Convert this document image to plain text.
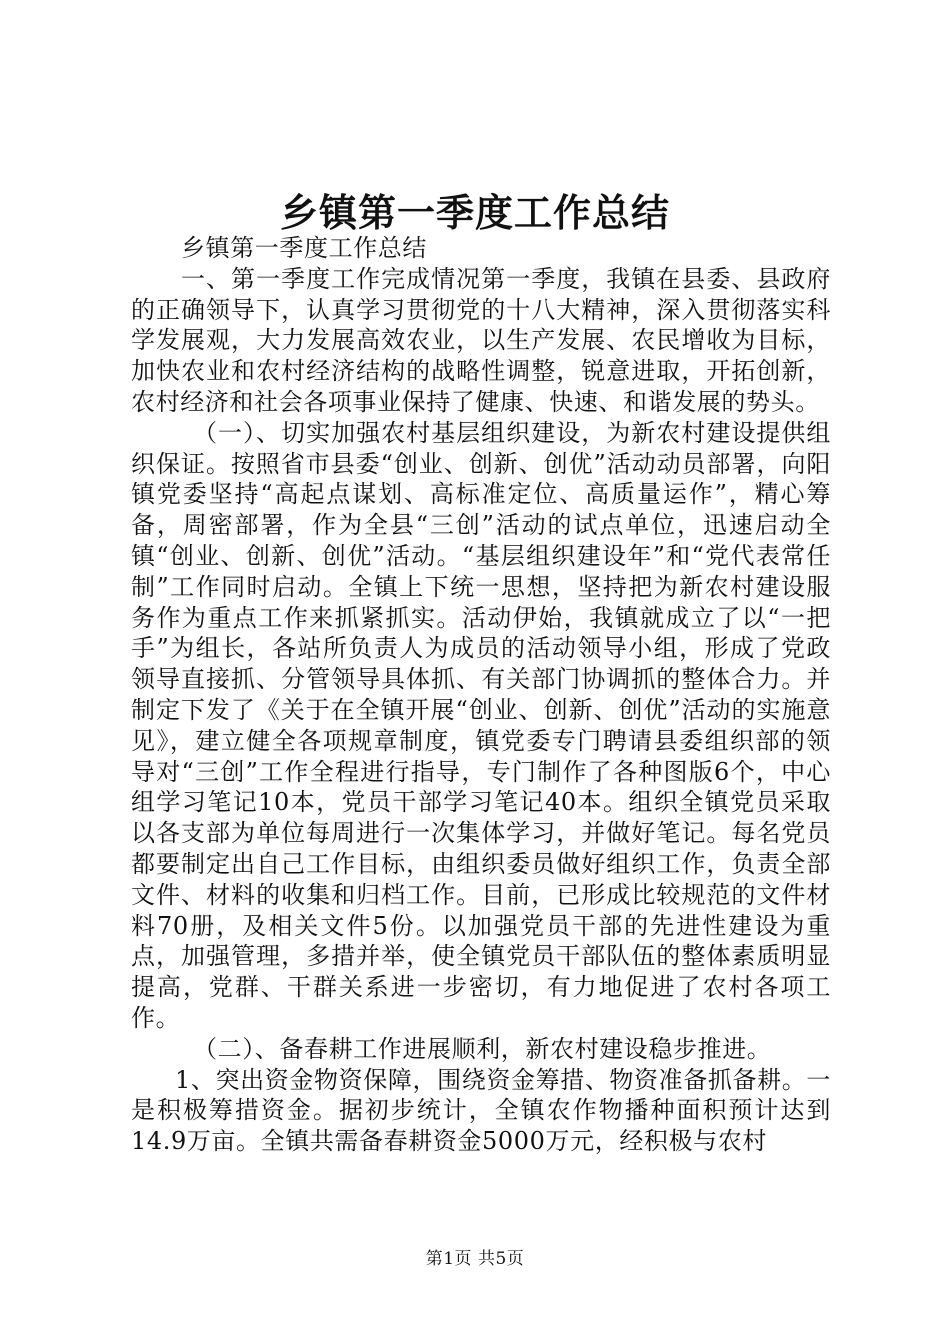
乡镇第一季度工作总结

乡镇第一季度工作总结

一、第一季度工作完成情况第一季度，我镇在县委、县政府的正确领导下，认真学习贯彻党的十八大精神，深入贯彻落实科学发展观，大力发展高效农业，以生产发展、农民增收为目标，加快农业和农村经济结构的战略性调整，锐意进取，开拓创新，农村经济和社会各项事业保持了健康、快速、和谐发展的势头。

（一）、切实加强农村基层组织建设，为新农村建设提供组织保证。按照省市县委“创业、创新、创优”活动动员部署，向阳镇党委坚持“高起点谋划、高标准定位、高质量运作”，精心筹备，周密部署，作为全县“三创”活动的试点单位，迅速启动全镇“创业、创新、创优”活动。“基层组织建设年”和“党代表常任制”工作同时启动。全镇上下统一思想，坚持把为新农村建设服务作为重点工作来抓紧抓实。活动伊始，我镇就成立了以“一把手”为组长，各站所负责人为成员的活动领导小组，形成了党政领导直接抓、分管领导具体抓、有关部门协调抓的整体合力。并制定下发了《关于在全镇开展“创业、创新、创优”活动的实施意见》，建立健全各项规章制度，镇党委专门聘请县委组织部的领导对“三创”工作全程进行指导，专门制作了各种图版6个，中心组学习笔记10本，党员干部学习笔记40本。组织全镇党员采取以各支部为单位每周进行一次集体学习，并做好笔记。每名党员都要制定出自己工作目标，由组织委员做好组织工作，负责全部文件、材料的收集和归档工作。目前，已形成比较规范的文件材料70册，及相关文件5份。以加强党员干部的先进性建设为重点，加强管理，多措并举，使全镇党员干部队伍的整体素质明显提高，党群、干群关系进一步密切，有力地促进了农村各项工作。

（二）、备春耕工作进展顺利，新农村建设稳步推进。

1、突出资金物资保障，围绕资金筹措、物资准备抓备耕。一是积极筹措资金。据初步统计，全镇农作物播种面积预计达到14.9万亩。全镇共需备春耕资金5000万元，经积极与农村

第1页 共5页
